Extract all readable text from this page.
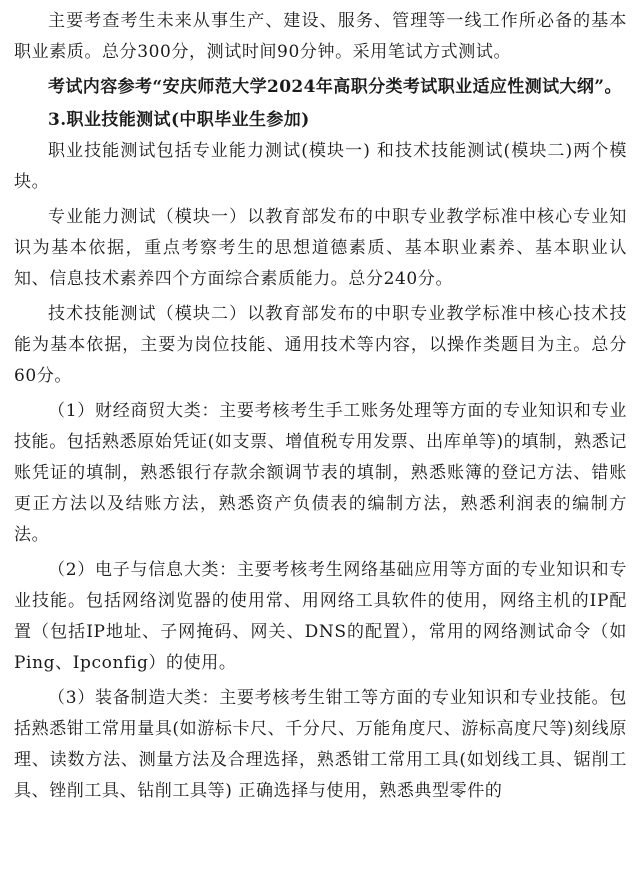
主要考查考生未来从事生产、建设、服务、管理等一线工作所必备的基本职业素质。总分300分，测试时间90分钟。采用笔试方式测试。

考试内容参考“安庆师范大学2024年高职分类考试职业适应性测试大纲”。

3.职业技能测试(中职毕业生参加)

职业技能测试包括专业能力测试(模块一) 和技术技能测试(模块二)两个模块。

专业能力测试（模块一）以教育部发布的中职专业教学标准中核心专业知识为基本依据，重点考察考生的思想道德素质、基本职业素养、基本职业认知、信息技术素养四个方面综合素质能力。总分240分。

技术技能测试（模块二）以教育部发布的中职专业教学标准中核心技术技能为基本依据，主要为岗位技能、通用技术等内容，以操作类题目为主。总分60分。

（1）财经商贸大类：主要考核考生手工账务处理等方面的专业知识和专业技能。包括熟悉原始凭证(如支票、增值税专用发票、出库单等)的填制，熟悉记账凭证的填制，熟悉银行存款余额调节表的填制，熟悉账簿的登记方法、错账更正方法以及结账方法，熟悉资产负债表的编制方法，熟悉利润表的编制方法。

（2）电子与信息大类：主要考核考生网络基础应用等方面的专业知识和专业技能。包括网络浏览器的使用常、用网络工具软件的使用，网络主机的IP配置（包括IP地址、子网掩码、网关、DNS的配置），常用的网络测试命令（如Ping、Ipconfig）的使用。

（3）装备制造大类：主要考核考生钳工等方面的专业知识和专业技能。包括熟悉钳工常用量具(如游标卡尺、千分尺、万能角度尺、游标高度尺等)刻线原理、读数方法、测量方法及合理选择，熟悉钳工常用工具(如划线工具、锯削工具、锉削工具、钻削工具等) 正确选择与使用，熟悉典型零件的
